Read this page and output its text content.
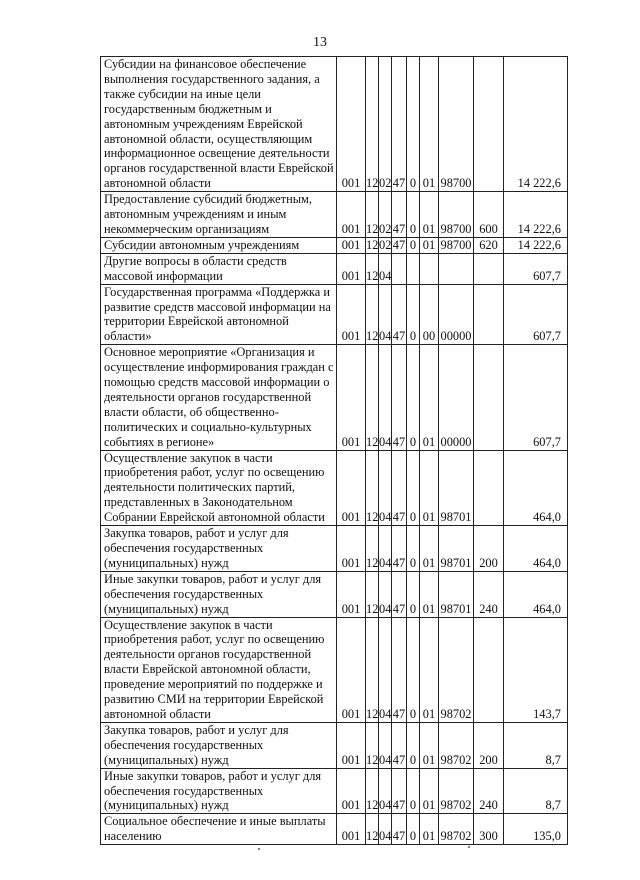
13
Субсидии на финансовое обеспечение выполнения государственного задания, а также субсидии на иные цели государственным бюджетным и автономным учреждениям Еврейской автономной области, осуществляющим информационное освещение деятельности органов государственной власти Еврейской автономной области	001	12	02	47	0	01	98700		14 222,6
Предоставление субсидий бюджетным, автономным учреждениям и иным некоммерческим организациям	001	12	02	47	0	01	98700	600	14 222,6
Субсидии автономным учреждениям	001	12	02	47	0	01	98700	620	14 222,6
Другие вопросы в области средств массовой информации	001	12	04						607,7
Государственная программа «Поддержка и развитие средств массовой информации на территории Еврейской автономной области»	001	12	04	47	0	00	00000		607,7
Основное мероприятие «Организация и осуществление информирования граждан с помощью средств массовой информации о деятельности органов государственной власти области, об общественно-политических и социально-культурных событиях в регионе»	001	12	04	47	0	01	00000		607,7
Осуществление закупок в части приобретения работ, услуг по освещению деятельности политических партий, представленных в Законодательном Собрании Еврейской автономной области	001	12	04	47	0	01	98701		464,0
Закупка товаров, работ и услуг для обеспечения государственных (муниципальных) нужд	001	12	04	47	0	01	98701	200	464,0
Иные закупки товаров, работ и услуг для обеспечения государственных (муниципальных) нужд	001	12	04	47	0	01	98701	240	464,0
Осуществление закупок в части приобретения работ, услуг по освещению деятельности органов государственной власти Еврейской автономной области, проведение мероприятий по поддержке и развитию СМИ на территории Еврейской автономной области	001	12	04	47	0	01	98702		143,7
Закупка товаров, работ и услуг для обеспечения государственных (муниципальных) нужд	001	12	04	47	0	01	98702	200	8,7
Иные закупки товаров, работ и услуг для обеспечения государственных (муниципальных) нужд	001	12	04	47	0	01	98702	240	8,7
Социальное обеспечение и иные выплаты населению	001	12	04	47	0	01	98702	300	135,0
